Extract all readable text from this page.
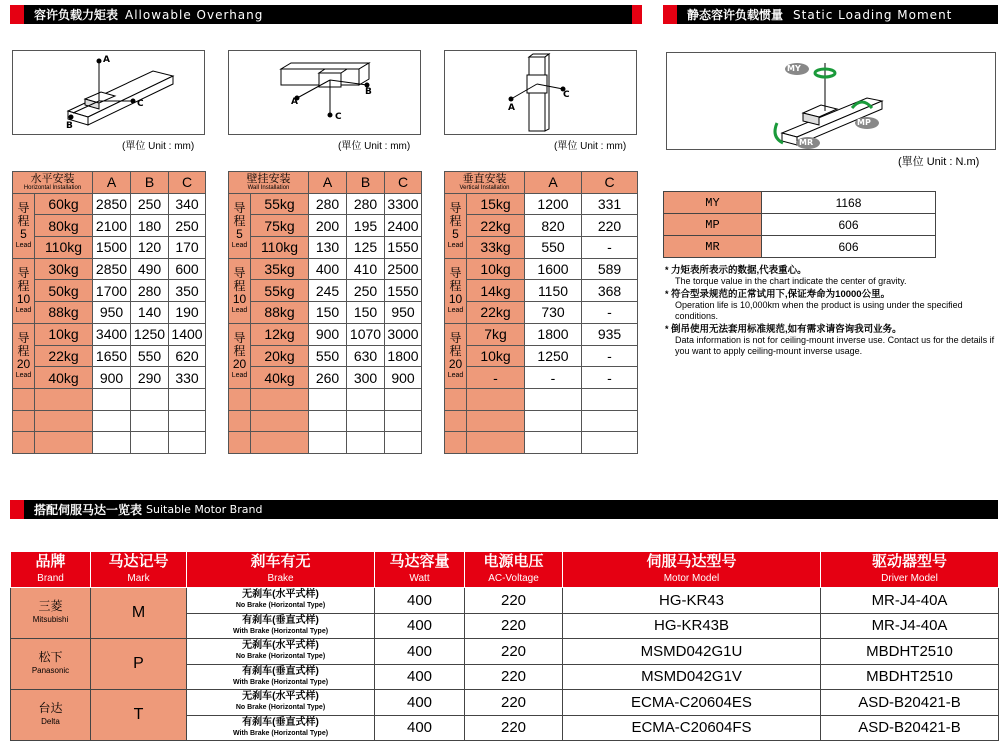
容许负载力矩表 Allowable Overhang	静态容许负载惯量 Static Loading Moment
A
B
C
(單位 Unit : mm)
A
B
C
(單位 Unit : mm)
A
C
(單位 Unit : mm)
MY
MP
MR
(單位 Unit : N.m)
MY	1168
MP	606
MR	606
* 力矩表所表示的数据,代表重心。

The torque value in the chart indicate the center of gravity.
* 符合型录规范的正常试用下,保证寿命为10000公里。

Operation life is 10,000km when the product is using under the specified conditions.
* 倒吊使用无法套用标准规范,如有需求请咨询我司业务。

Data information is not for ceiling-mount inverse use. Contact us for the details if you want to apply ceiling-mount inverse usage.
水平安装
Horizontal Installation		A	B	C

导程5
Lead	60kg	2850	250	340
	80kg	2100	180	250
	110kg	1500	120	170

导程10
Lead	30kg	2850	490	600
	50kg	1700	280	350
	88kg	950	140	190

导程20
Lead	10kg	3400	1250	1400
	22kg	1650	550	620
	40kg	900	290	330

壁挂安装
Wall Installation		A	B	C

导程5
Lead	55kg	280	280	3300
	75kg	200	195	2400
	110kg	130	125	1550

导程10
Lead	35kg	400	410	2500
	55kg	245	250	1550
	88kg	150	150	950

导程20
Lead	12kg	900	1070	3000
	20kg	550	630	1800
	40kg	260	300	900

垂直安装
Vertical Installation		A	C

导程5
Lead	15kg	1200	331
	22kg	820	220
	33kg	550	-

导程10
Lead	10kg	1600	589
	14kg	1150	368
	22kg	730	-

导程20
Lead	7kg	1800	935
	10kg	1250	-
	-	-	-

搭配伺服马达一览表 Suitable Motor Brand
品牌
Brand	马达记号
Mark	刹车有无
Brake	马达容量
Watt	电源电压
AC-Voltage	伺服马达型号
Motor Model	驱动器型号
Driver Model

三菱
Mitsubishi	M	无刹车(水平式样)
No Brake (Horizontal Type)	400	220	HG-KR43	MR-J4-40A

		有刹车(垂直式样)
With Brake (Horizontal Type)	400	220	HG-KR43B	MR-J4-40A

松下
Panasonic	P	无刹车(水平式样)
No Brake (Horizontal Type)	400	220	MSMD042G1U	MBDHT2510

		有刹车(垂直式样)
With Brake (Horizontal Type)	400	220	MSMD042G1V	MBDHT2510

台达
Delta	T	无刹车(水平式样)
No Brake (Horizontal Type)	400	220	ECMA-C20604ES	ASD-B20421-B

		有刹车(垂直式样)
With Brake (Horizontal Type)	400	220	ECMA-C20604FS	ASD-B20421-B
